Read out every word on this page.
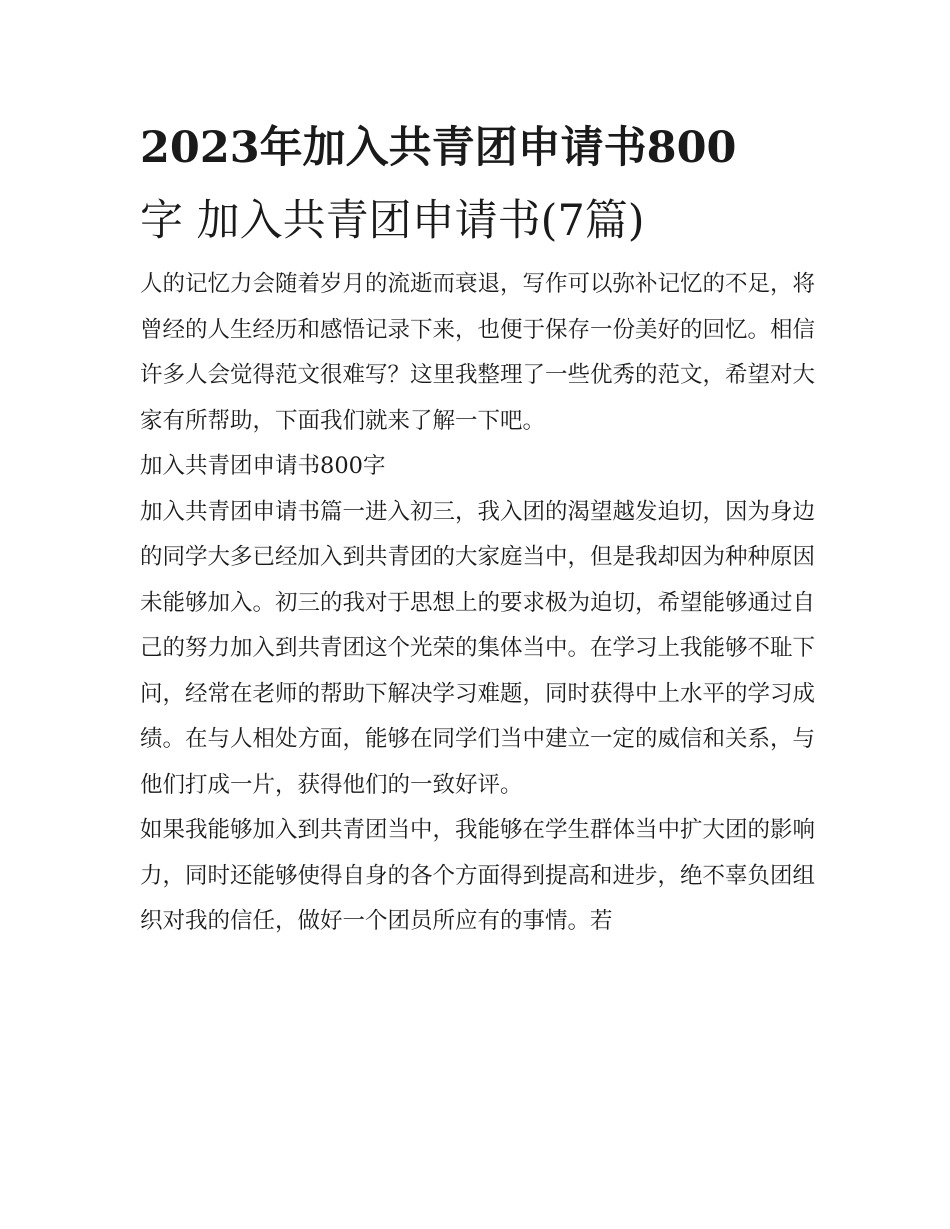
2023年加入共青团申请书800
字 加入共青团申请书(7篇)

人的记忆力会随着岁月的流逝而衰退，写作可以弥补记忆的不足，将曾经的人生经历和感悟记录下来，也便于保存一份美好的回忆。相信许多人会觉得范文很难写？这里我整理了一些优秀的范文，希望对大家有所帮助，下面我们就来了解一下吧。

加入共青团申请书800字

加入共青团申请书篇一进入初三，我入团的渴望越发迫切，因为身边的同学大多已经加入到共青团的大家庭当中，但是我却因为种种原因未能够加入。初三的我对于思想上的要求极为迫切，希望能够通过自己的努力加入到共青团这个光荣的集体当中。在学习上我能够不耻下问，经常在老师的帮助下解决学习难题，同时获得中上水平的学习成绩。在与人相处方面，能够在同学们当中建立一定的威信和关系，与他们打成一片，获得他们的一致好评。

如果我能够加入到共青团当中，我能够在学生群体当中扩大团的影响力，同时还能够使得自身的各个方面得到提高和进步，绝不辜负团组织对我的信任，做好一个团员所应有的事情。若
